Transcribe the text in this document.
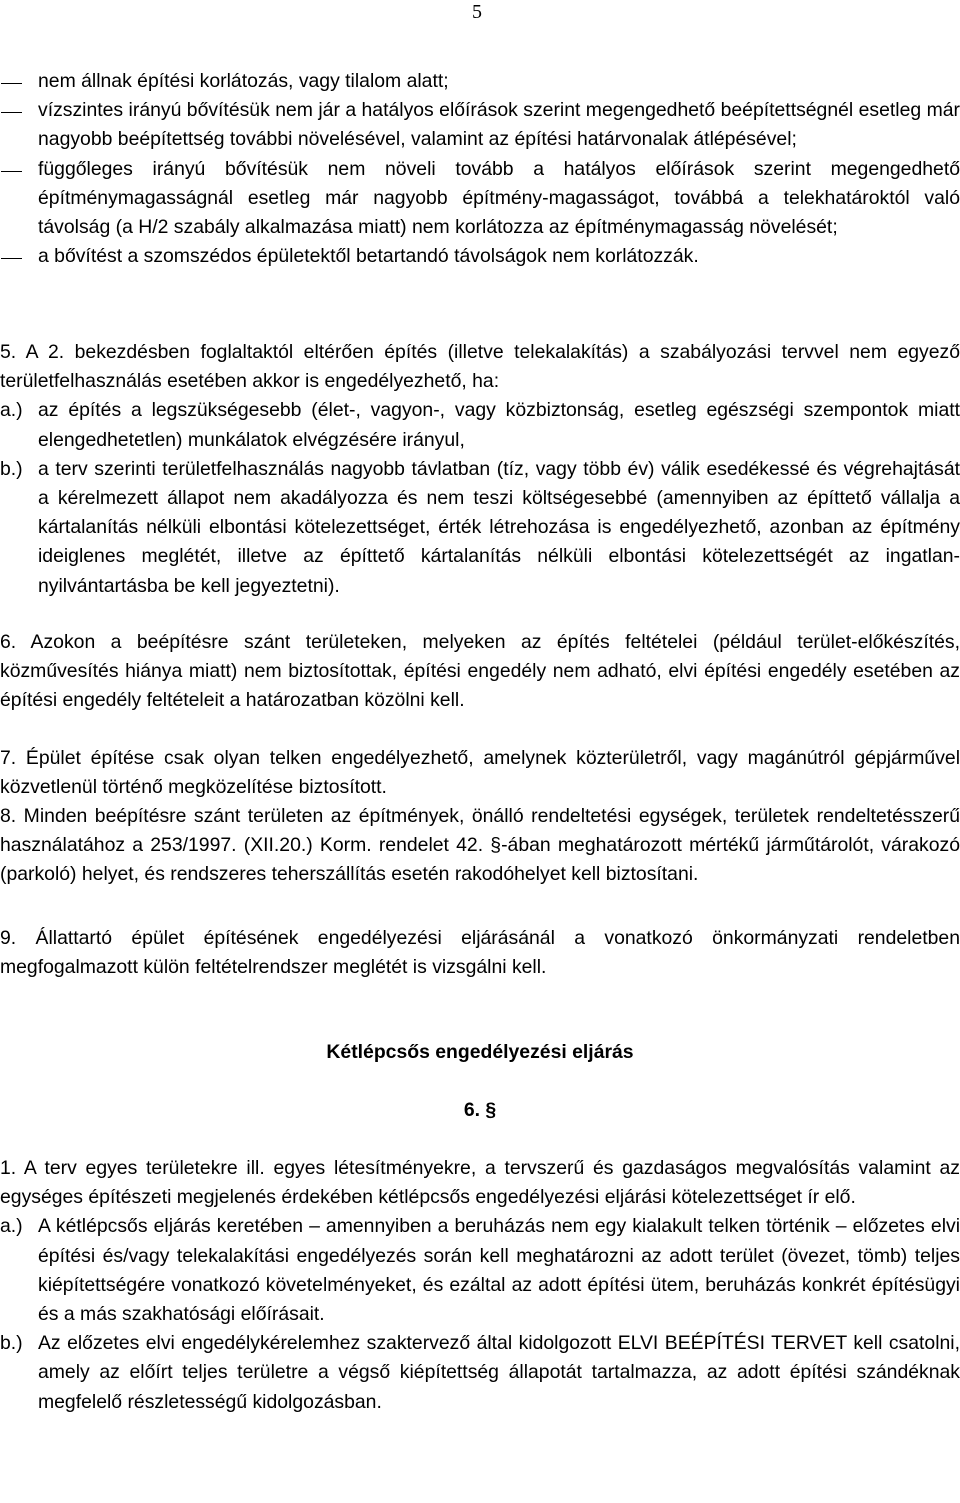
5
nem állnak építési korlátozás, vagy tilalom alatt;
vízszintes irányú bővítésük nem jár a hatályos előírások szerint megengedhető beépítettségnél esetleg már nagyobb beépítettség további növelésével, valamint az építési határvonalak átlépésével;
függőleges irányú bővítésük nem növeli tovább a hatályos előírások szerint megengedhető építménymagasságnál esetleg már nagyobb építmény-magasságot, továbbá a telekhatároktól való távolság (a H/2 szabály alkalmazása miatt) nem korlátozza az építménymagasság növelését;
a bővítést a szomszédos épületektől betartandó távolságok nem korlátozzák.
5. A 2. bekezdésben foglaltaktól eltérően építés (illetve telekalakítás) a szabályozási tervvel nem egyező területfelhasználás esetében akkor is engedélyezhető, ha:
a.) az építés a legszükségesebb (élet-, vagyon-, vagy közbiztonság, esetleg egészségi szempontok miatt elengedhetetlen) munkálatok elvégzésére irányul,
b.) a terv szerinti területfelhasználás nagyobb távlatban (tíz, vagy több év) válik esedékessé és végrehajtását a kérelmezett állapot nem akadályozza és nem teszi költségesebbé (amennyiben az építtető vállalja a kártalanítás nélküli elbontási kötelezettséget, érték létrehozása is engedélyezhető, azonban az építmény ideiglenes meglétét, illetve az építtető kártalanítás nélküli elbontási kötelezettségét az ingatlan-nyilvántartásba be kell jegyeztetni).
6. Azokon a beépítésre szánt területeken, melyeken az építés feltételei (például terület-előkészítés, közművesítés hiánya miatt) nem biztosítottak, építési engedély nem adható, elvi építési engedély esetében az építési engedély feltételeit a határozatban közölni kell.
7. Épület építése csak olyan telken engedélyezhető, amelynek közterületről, vagy magánútról gépjárművel közvetlenül történő megközelítése biztosított.
8. Minden beépítésre szánt területen az építmények, önálló rendeltetési egységek, területek rendeltetésszerű használatához a 253/1997. (XII.20.) Korm. rendelet 42. §-ában meghatározott mértékű járműtárolót, várakozó (parkoló) helyet, és rendszeres teherszállítás esetén rakodóhelyet kell biztosítani.
9. Állattartó épület építésének engedélyezési eljárásánál a vonatkozó önkormányzati rendeletben megfogalmazott külön feltételrendszer meglétét is vizsgálni kell.
Kétlépcsős engedélyezési eljárás
6. §
1. A terv egyes területekre ill. egyes létesítményekre, a tervszerű és gazdaságos megvalósítás valamint az egységes építészeti megjelenés érdekében kétlépcsős engedélyezési eljárási kötelezettséget ír elő.
a.) A kétlépcsős eljárás keretében – amennyiben a beruházás nem egy kialakult telken történik – előzetes elvi építési és/vagy telekalakítási engedélyezés során kell meghatározni az adott terület (övezet, tömb) teljes kiépítettségére vonatkozó követelményeket, és ezáltal az adott építési ütem, beruházás konkrét építésügyi és a más szakhatósági előírásait.
b.) Az előzetes elvi engedélykérelemhez szaktervező által kidolgozott ELVI BEÉPÍTÉSI TERVET kell csatolni, amely az előírt teljes területre a végső kiépítettség állapotát tartalmazza, az adott építési szándéknak megfelelő részletességű kidolgozásban.
